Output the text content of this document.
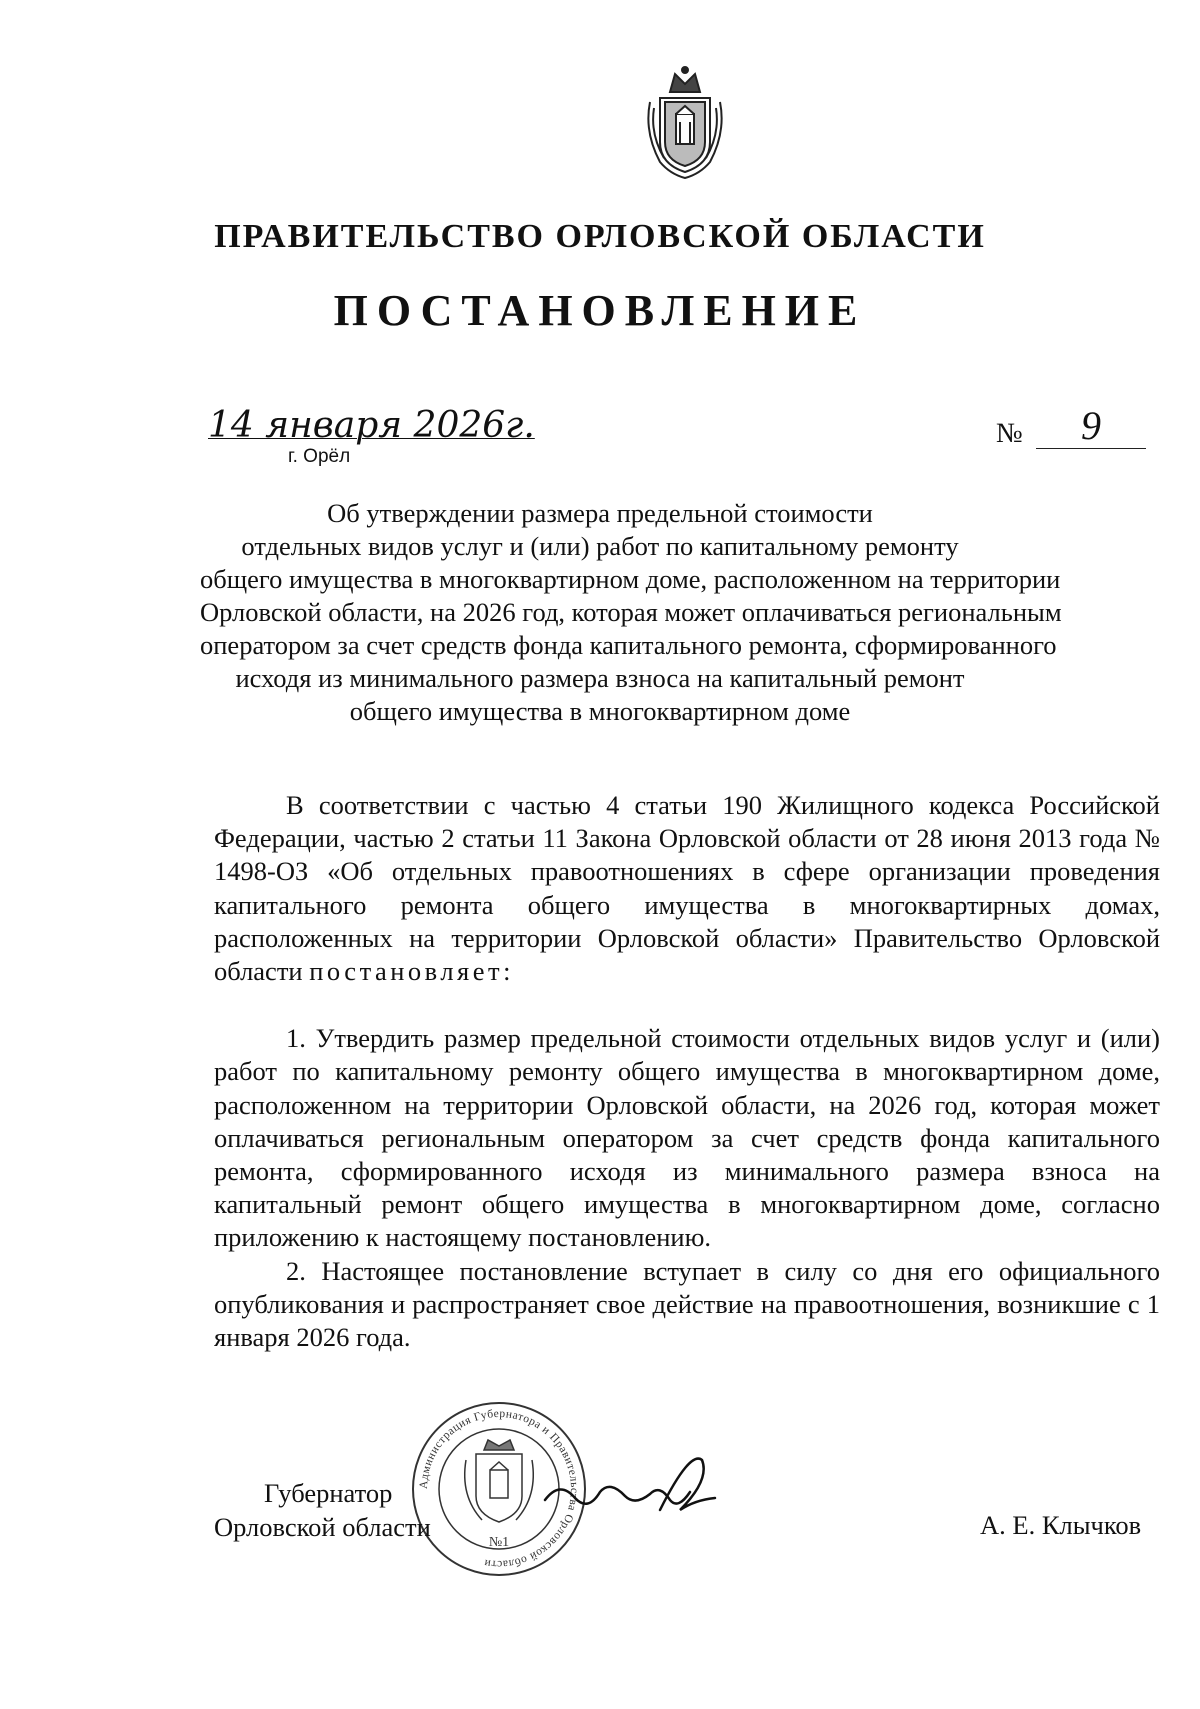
ПРАВИТЕЛЬСТВО ОРЛОВСКОЙ ОБЛАСТИ
ПОСТАНОВЛЕНИЕ
14 января 2026г.
г. Орёл
№	9
Об утверждении размера предельной стоимости
отдельных видов услуг и (или) работ по капитальному ремонту
общего имущества в многоквартирном доме, расположенном на территории
Орловской области, на 2026 год, которая может оплачиваться региональным
оператором за счет средств фонда капитального ремонта, сформированного
исходя из минимального размера взноса на капитальный ремонт
общего имущества в многоквартирном доме

В соответствии с частью 4 статьи 190 Жилищного кодекса Российской Федерации, частью 2 статьи 11 Закона Орловской области от 28 июня 2013 года № 1498-ОЗ «Об отдельных правоотношениях в сфере организации проведения капитального ремонта общего имущества в многоквартирных домах, расположенных на территории Орловской области» Правительство Орловской области постановляет:

1. Утвердить размер предельной стоимости отдельных видов услуг и (или) работ по капитальному ремонту общего имущества в многоквартирном доме, расположенном на территории Орловской области, на 2026 год, которая может оплачиваться региональным оператором за счет средств фонда капитального ремонта, сформированного исходя из минимального размера взноса на капитальный ремонт общего имущества в многоквартирном доме, согласно приложению к настоящему постановлению.

2. Настоящее постановление вступает в силу со дня его официального опубликования и распространяет свое действие на правоотношения, возникшие с 1 января 2026 года.

Администрация Губернатора и Правительства Орловской области
№1
Губернатор
Орловской области	А. Е. Клычков
